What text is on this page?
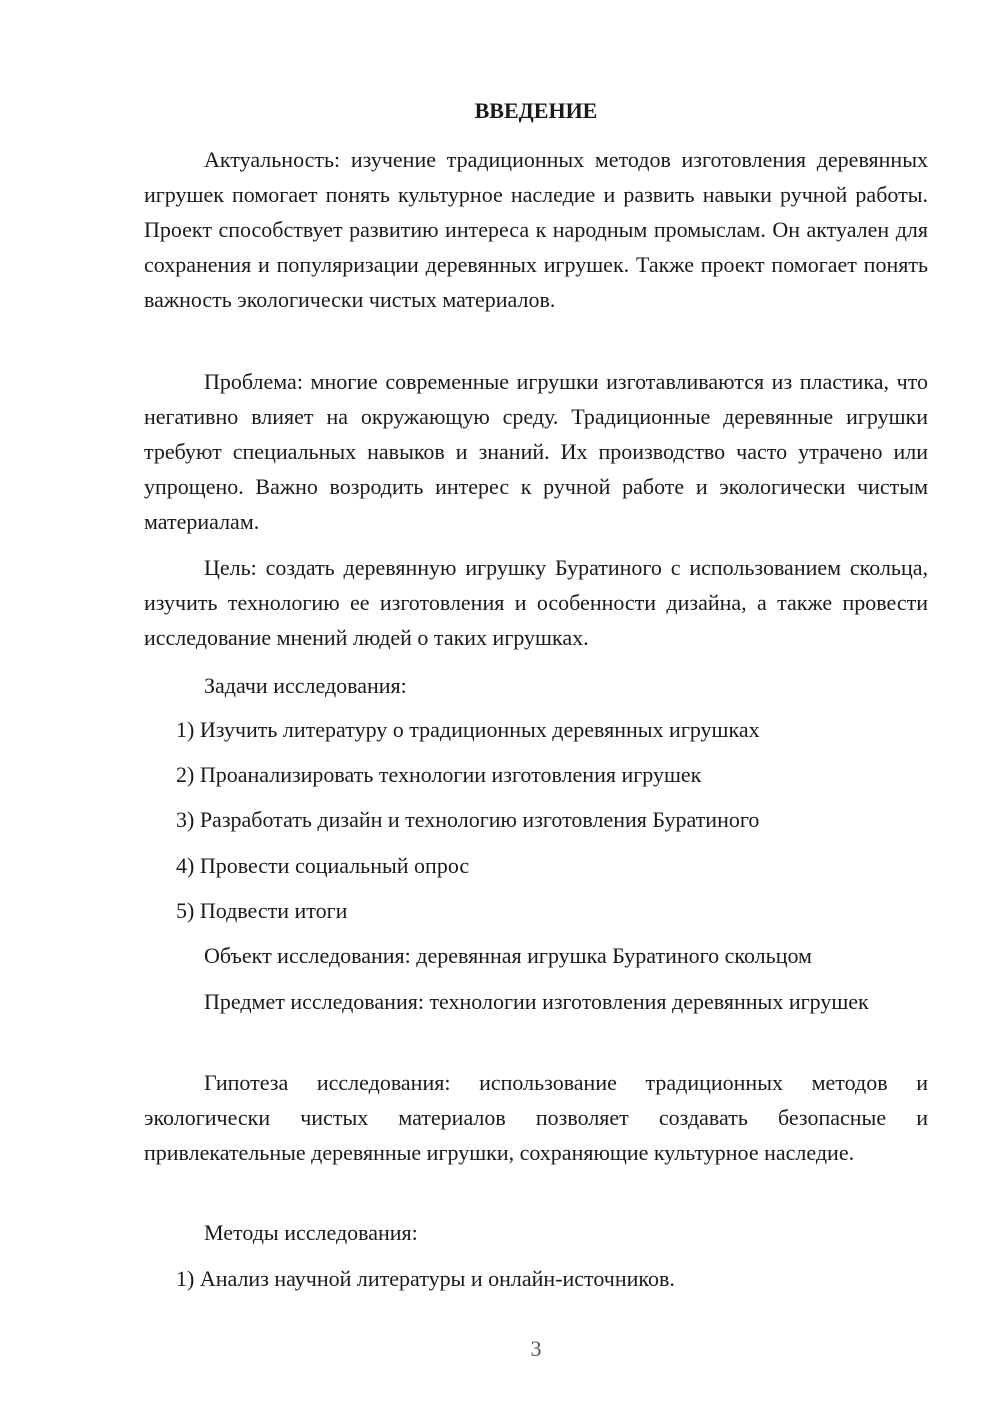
ВВЕДЕНИЕ

Актуальность: изучение традиционных методов изготовления деревянных игрушек помогает понять культурное наследие и развить навыки ручной работы. Проект способствует развитию интереса к народным промыслам. Он актуален для сохранения и популяризации деревянных игрушек. Также проект помогает понять важность экологически чистых материалов.

Проблема: многие современные игрушки изготавливаются из пластика, что негативно влияет на окружающую среду. Традиционные деревянные игрушки требуют специальных навыков и знаний. Их производство часто утрачено или упрощено. Важно возродить интерес к ручной работе и экологически чистым материалам.

Цель: создать деревянную игрушку Буратиного с использованием скольца, изучить технологию ее изготовления и особенности дизайна, а также провести исследование мнений людей о таких игрушках.

Задачи исследования:

1) Изучить литературу о традиционных деревянных игрушках

2) Проанализировать технологии изготовления игрушек

3) Разработать дизайн и технологию изготовления Буратиного

4) Провести социальный опрос

5) Подвести итоги

Объект исследования: деревянная игрушка Буратиного скольцом

Предмет исследования: технологии изготовления деревянных игрушек

Гипотеза исследования: использование традиционных методов и экологически чистых материалов позволяет создавать безопасные и привлекательные деревянные игрушки, сохраняющие культурное наследие.

Методы исследования:

1) Анализ научной литературы и онлайн-источников.

3
